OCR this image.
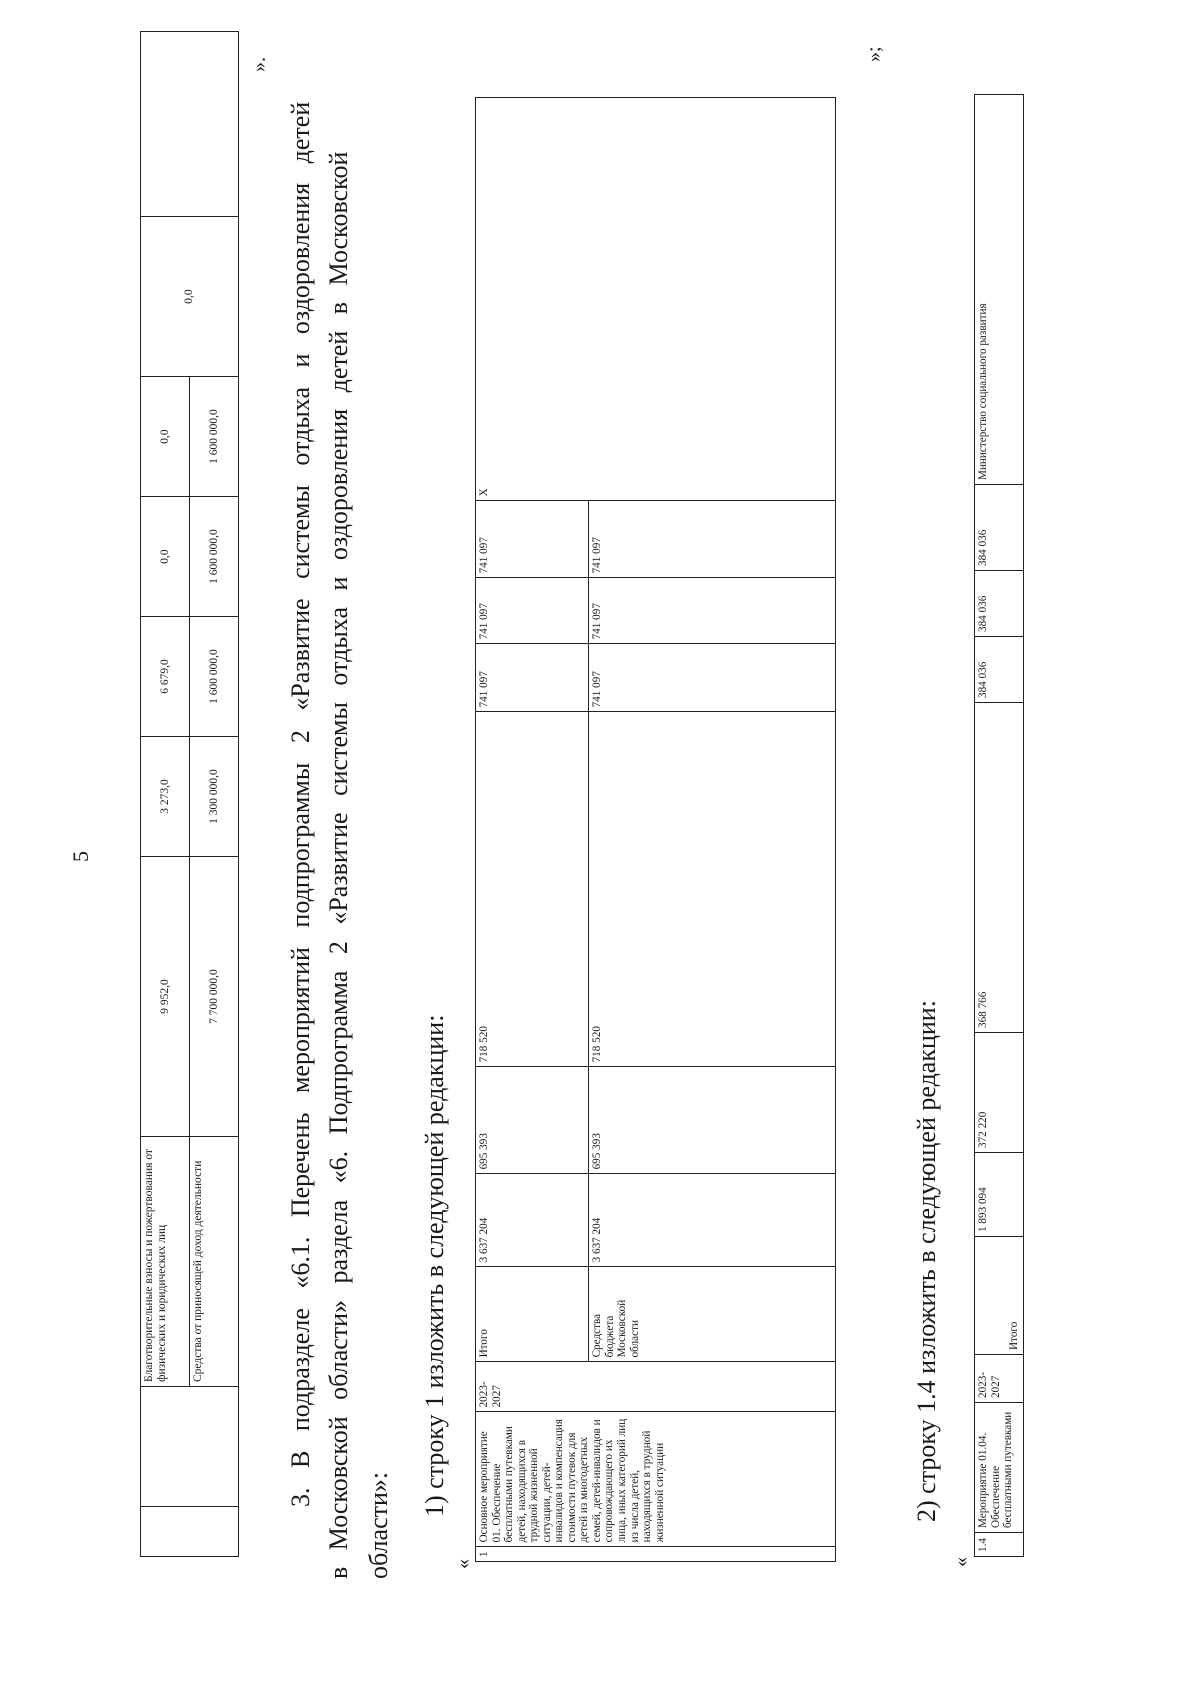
5
		Благотворительные взносы и пожертвования от физических и юридических лиц	9 952,0	3 273,0	6 679,0	0,0	0,0	0,0	
		Средства от приносящей доход деятельности	7 700 000,0	1 300 000,0	1 600 000,0	1 600 000,0	1 600 000,0		
».
3. В подразделе «6.1. Перечень мероприятий подпрограммы 2 «Развитие системы отдыха и оздоровления детей в Московской области» раздела «6. Подпрограмма 2 «Развитие системы отдыха и оздоровления детей в Московской области»:
1) строку 1 изложить в следующей редакции:
«
1	Основное мероприятие 01. Обеспечение бесплатными путевками детей, находящихся в трудной жизненной ситуации, детей-инвалидов и компенсация стоимости путевок для детей из многодетных семей, детей-инвалидов и сопровождающего их лица, иных категорий лиц из числа детей, находящихся в трудной жизненной ситуации	2023-2027	Итого	3 637 204	695 393	718 520	741 097	741 097	741 097	Х
			Средства бюджета Московской области	3 637 204	695 393	718 520	741 097	741 097	741 097	
»;
2) строку 1.4 изложить в следующей редакции:
«
1.4	Мероприятие 01.04. Обеспечение бесплатными путевками	2023-2027	Итого	1 893 094	372 220	368 766	384 036	384 036	384 036	Министерство социального развития
